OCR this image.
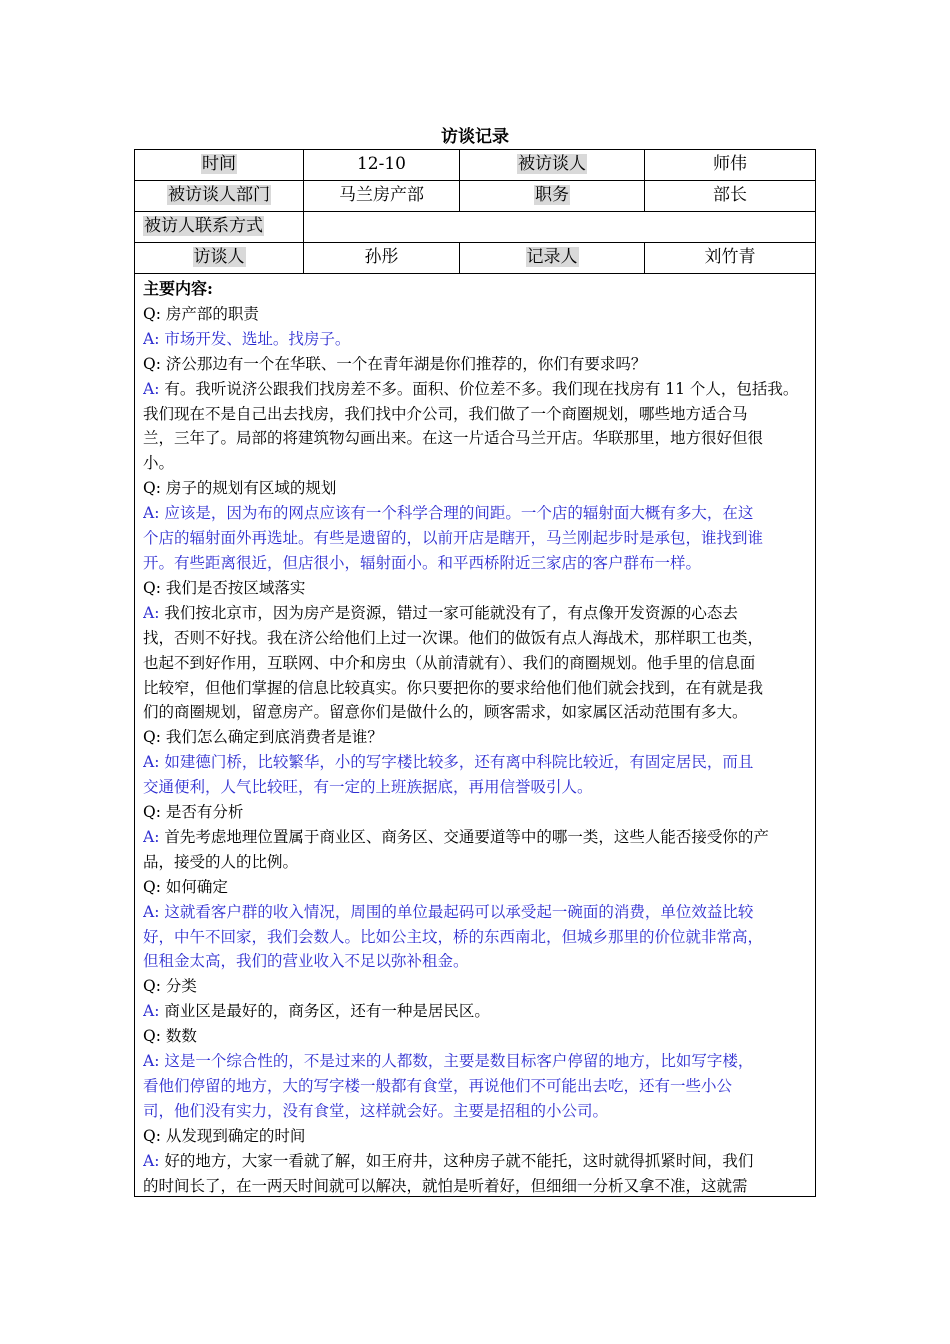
访谈记录
时间	12-10	被访谈人	师伟
被访谈人部门	马兰房产部	职务	部长
被访人联系方式
访谈人	孙彤	记录人	刘竹青
主要内容:
Q: 房产部的职责
A: 市场开发、选址。找房子。
Q: 济公那边有一个在华联、一个在青年湖是你们推荐的，你们有要求吗？
A: 有。我听说济公跟我们找房差不多。面积、价位差不多。我们现在找房有 11 个人，包括我。
我们现在不是自己出去找房，我们找中介公司，我们做了一个商圈规划，哪些地方适合马
兰，三年了。局部的将建筑物勾画出来。在这一片适合马兰开店。华联那里，地方很好但很
小。
Q: 房子的规划有区域的规划
A: 应该是，因为布的网点应该有一个科学合理的间距。一个店的辐射面大概有多大，在这
个店的辐射面外再选址。有些是遗留的，以前开店是瞎开，马兰刚起步时是承包，谁找到谁
开。有些距离很近，但店很小，辐射面小。和平西桥附近三家店的客户群布一样。
Q: 我们是否按区域落实
A: 我们按北京市，因为房产是资源，错过一家可能就没有了，有点像开发资源的心态去
找，否则不好找。我在济公给他们上过一次课。他们的做饭有点人海战术，那样职工也类，
也起不到好作用，互联网、中介和房虫（从前清就有）、我们的商圈规划。他手里的信息面
比较窄，但他们掌握的信息比较真实。你只要把你的要求给他们他们就会找到，在有就是我
们的商圈规划，留意房产。留意你们是做什么的，顾客需求，如家属区活动范围有多大。
Q: 我们怎么确定到底消费者是谁？
A: 如建德门桥，比较繁华，小的写字楼比较多，还有离中科院比较近，有固定居民，而且
交通便利，人气比较旺，有一定的上班族据底，再用信誉吸引人。
Q: 是否有分析
A: 首先考虑地理位置属于商业区、商务区、交通要道等中的哪一类，这些人能否接受你的产
品，接受的人的比例。
Q: 如何确定
A: 这就看客户群的收入情况，周围的单位最起码可以承受起一碗面的消费，单位效益比较
好，中午不回家，我们会数人。比如公主坟，桥的东西南北，但城乡那里的价位就非常高，
但租金太高，我们的营业收入不足以弥补租金。
Q: 分类
A: 商业区是最好的，商务区，还有一种是居民区。
Q: 数数
A: 这是一个综合性的，不是过来的人都数，主要是数目标客户停留的地方，比如写字楼，
看他们停留的地方，大的写字楼一般都有食堂，再说他们不可能出去吃，还有一些小公
司，他们没有实力，没有食堂，这样就会好。主要是招租的小公司。
Q: 从发现到确定的时间
A: 好的地方，大家一看就了解，如王府井，这种房子就不能托，这时就得抓紧时间，我们
的时间长了，在一两天时间就可以解决，就怕是听着好，但细细一分析又拿不准，这就需
